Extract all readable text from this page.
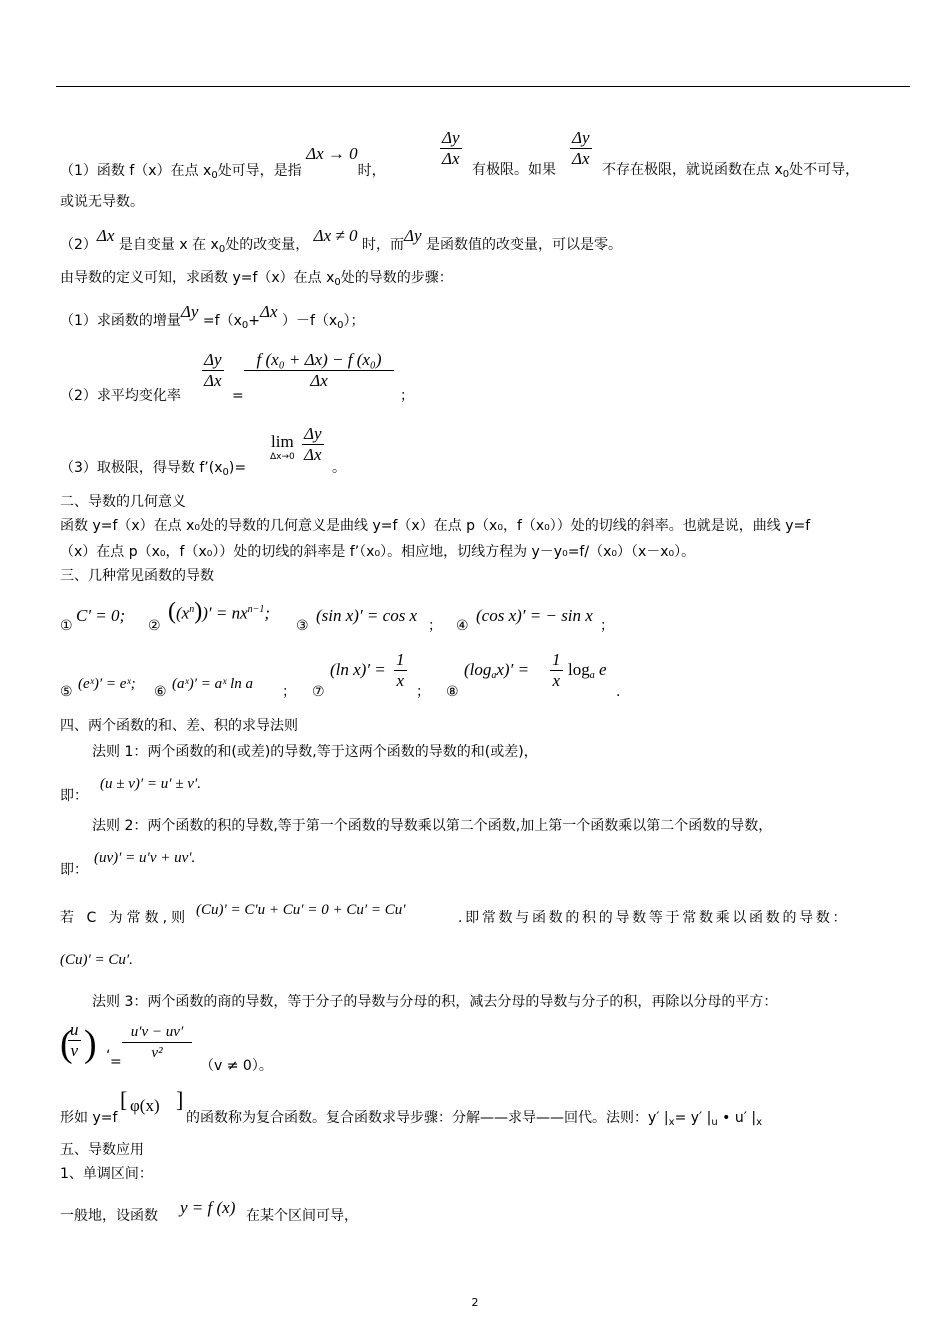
（1）函数 f（x）在点 $x_0$处可导，是指 Δx → 0时，
$\frac{\Delta y}{\Delta x}$
有极限。如果
$\frac{\Delta y}{\Delta x}$
不存在极限，就说函数在点 $x_0$处不可导，
或说无导数。
（2）Δx 是自变量 x 在 $x_0$处的改变量， Δx ≠ 0 时，而Δy 是函数值的改变量，可以是零。
由导数的定义可知，求函数 y=f（x）在点 $x_0$处的导数的步骤：
（1）求函数的增量$\Delta y =f(x_0+\Delta x$ ）$-f(x_0)$；
（2）求平均变化率
$\frac{\Delta y}{\Delta x}$
=
$\frac{\text{f (x₀ + Δx) − f (x₀)}}{\Delta x}$
；
（3）取极限，得导数 $f’(x_0)=$
lim
$\Delta x\to 0 \frac{\Delta y}{\Delta x}$
。
二、导数的几何意义
函数 y=f（x）在点 x₀处的导数的几何意义是曲线 y=f（x）在点 p（x₀，f（x₀））处的切线的斜率。也就是说，曲线 y=f
（x）在点 p（x₀，f（x₀））处的切线的斜率是 f’（x₀）。相应地，切线方程为 y－y₀=f/（x₀）（x－x₀）。
三、几种常见函数的导数
①
C′ = 0;
②
$((x^n))' = nx^{n-1}$;
③
(sin x)′ = cos x
； ④
(cos x)′ = − sin x
；
⑤ (eˣ)′ = eˣ; ⑥ (aˣ)′ = aˣ ln a ； ⑦
(ln $x)' = \frac{1}{x}$
； ⑧
$(\log_ax)' = \frac{1}{x} \log_a e$
.
四、两个函数的和、差、积的求导法则
法则 1：两个函数的和(或差)的导数,等于这两个函数的导数的和(或差)，
即：
(u ± v)′ = u′ ± v′.
法则 2：两个函数的积的导数,等于第一个函数的导数乘以第二个函数,加上第一个函数乘以第二个函数的导数，
即：
(uv)′ = u′v + uv′.
若 C 为常数,则 (Cu)′ = C′u + Cu′ = 0 + Cu′ = Cu′	.即常数与函数的积的导数等于常数乘以函数的导数：
(Cu)′ = Cu′.
法则 3：两个函数的商的导数，等于分子的导数与分母的积，减去分母的导数与分子的积，再除以分母的平方：
(
$\frac{u}{v}$ ) ‘ = $\frac{u'v - uv'}{\text{v²}}$
（v ≠ 0）。
形如 y=f
[ φ(x) ]
的函数称为复合函数。复合函数求导步骤：分解——求导——回代。法则：y′ $|_x= y'$ $|_u$ • u′ $|_x$
五、导数应用
1、单调区间：
一般地，设函数 y = f (x) 在某个区间可导，
2
